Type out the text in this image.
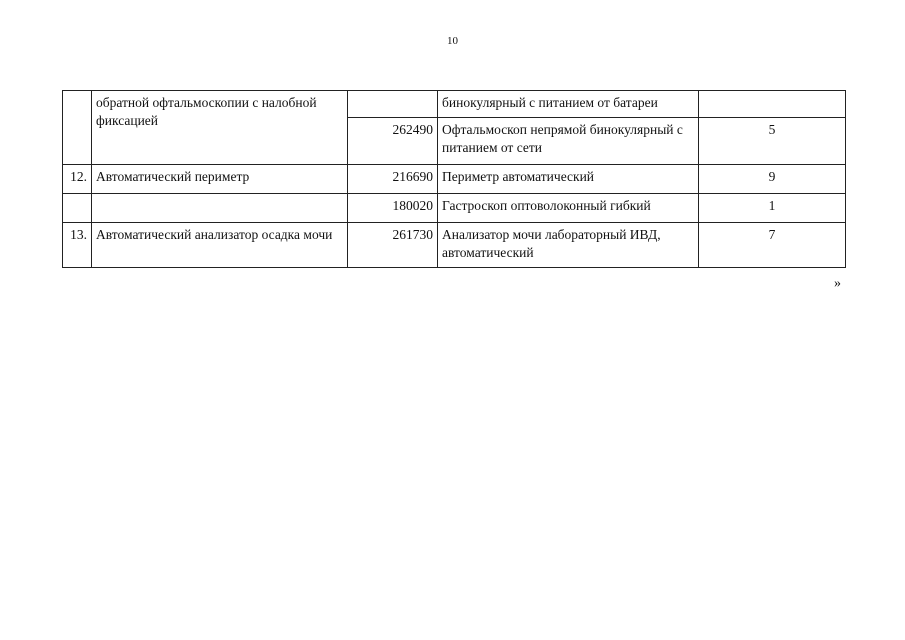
10
	обратной офтальмоскопии с налобной фиксацией		бинокулярный с питанием от батареи	
		262490	Офтальмоскоп непрямой бинокулярный с питанием от сети	5
12.	Автоматический периметр	216690	Периметр автоматический	9
		180020	Гастроскоп оптоволоконный гибкий	1
13.	Автоматический анализатор осадка мочи	261730	Анализатор мочи лабораторный ИВД, автоматический	7
»
